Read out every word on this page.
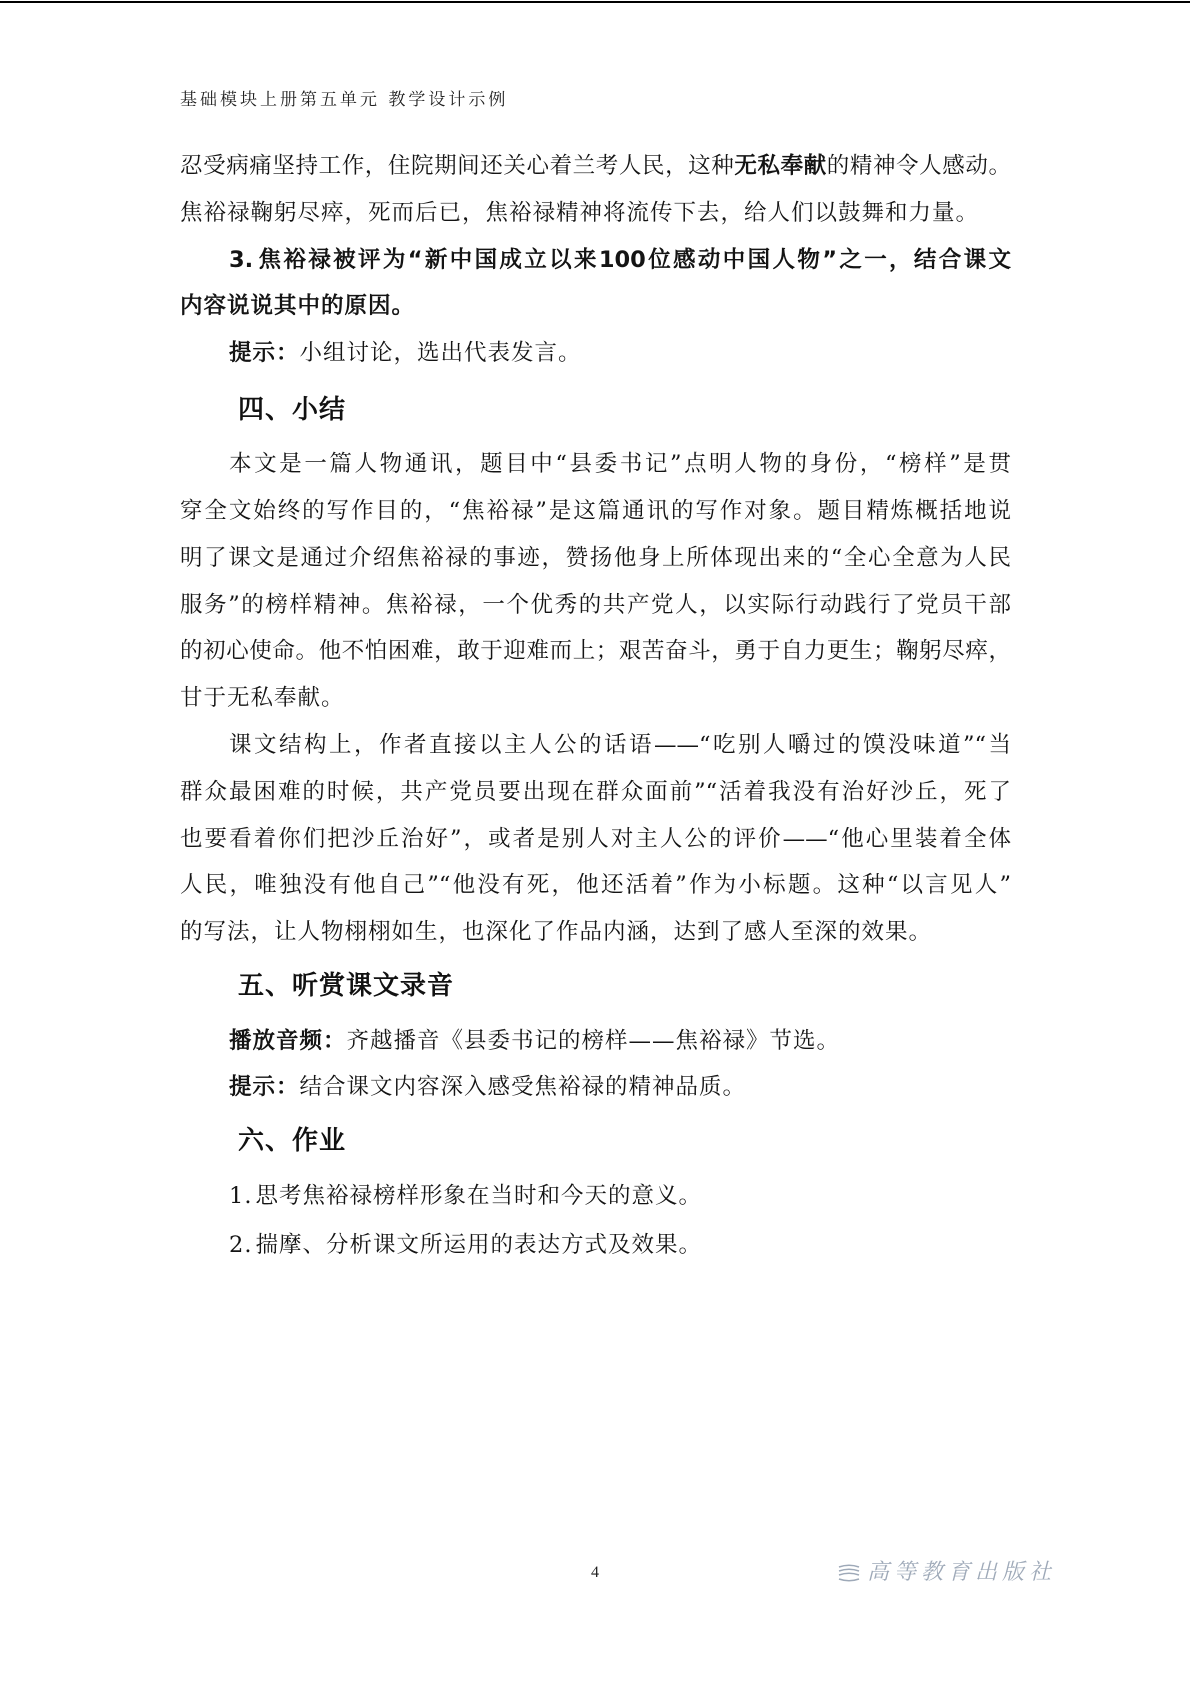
基础模块上册第五单元 教学设计示例
忍受病痛坚持工作，住院期间还关心着兰考人民，这种无私奉献的精神令人感动。
焦裕禄鞠躬尽瘁，死而后已，焦裕禄精神将流传下去，给人们以鼓舞和力量。
3. 焦裕禄被评为“新中国成立以来100位感动中国人物”之一，结合课文
内容说说其中的原因。
提示：小组讨论，选出代表发言。
四、小结
本文是一篇人物通讯，题目中“县委书记”点明人物的身份，“榜样”是贯
穿全文始终的写作目的，“焦裕禄”是这篇通讯的写作对象。题目精炼概括地说
明了课文是通过介绍焦裕禄的事迹，赞扬他身上所体现出来的“全心全意为人民
服务”的榜样精神。焦裕禄，一个优秀的共产党人，以实际行动践行了党员干部
的初心使命。他不怕困难，敢于迎难而上；艰苦奋斗，勇于自力更生；鞠躬尽瘁，
甘于无私奉献。
课文结构上，作者直接以主人公的话语——“吃别人嚼过的馍没味道”“当
群众最困难的时候，共产党员要出现在群众面前”“活着我没有治好沙丘，死了
也要看着你们把沙丘治好”，或者是别人对主人公的评价——“他心里装着全体
人民，唯独没有他自己”“他没有死，他还活着”作为小标题。这种“以言见人”
的写法，让人物栩栩如生，也深化了作品内涵，达到了感人至深的效果。
五、听赏课文录音
播放音频：齐越播音《县委书记的榜样——焦裕禄》节选。
提示：结合课文内容深入感受焦裕禄的精神品质。
六、作业
1. 思考焦裕禄榜样形象在当时和今天的意义。
2. 揣摩、分析课文所运用的表达方式及效果。
4	高等教育出版社
